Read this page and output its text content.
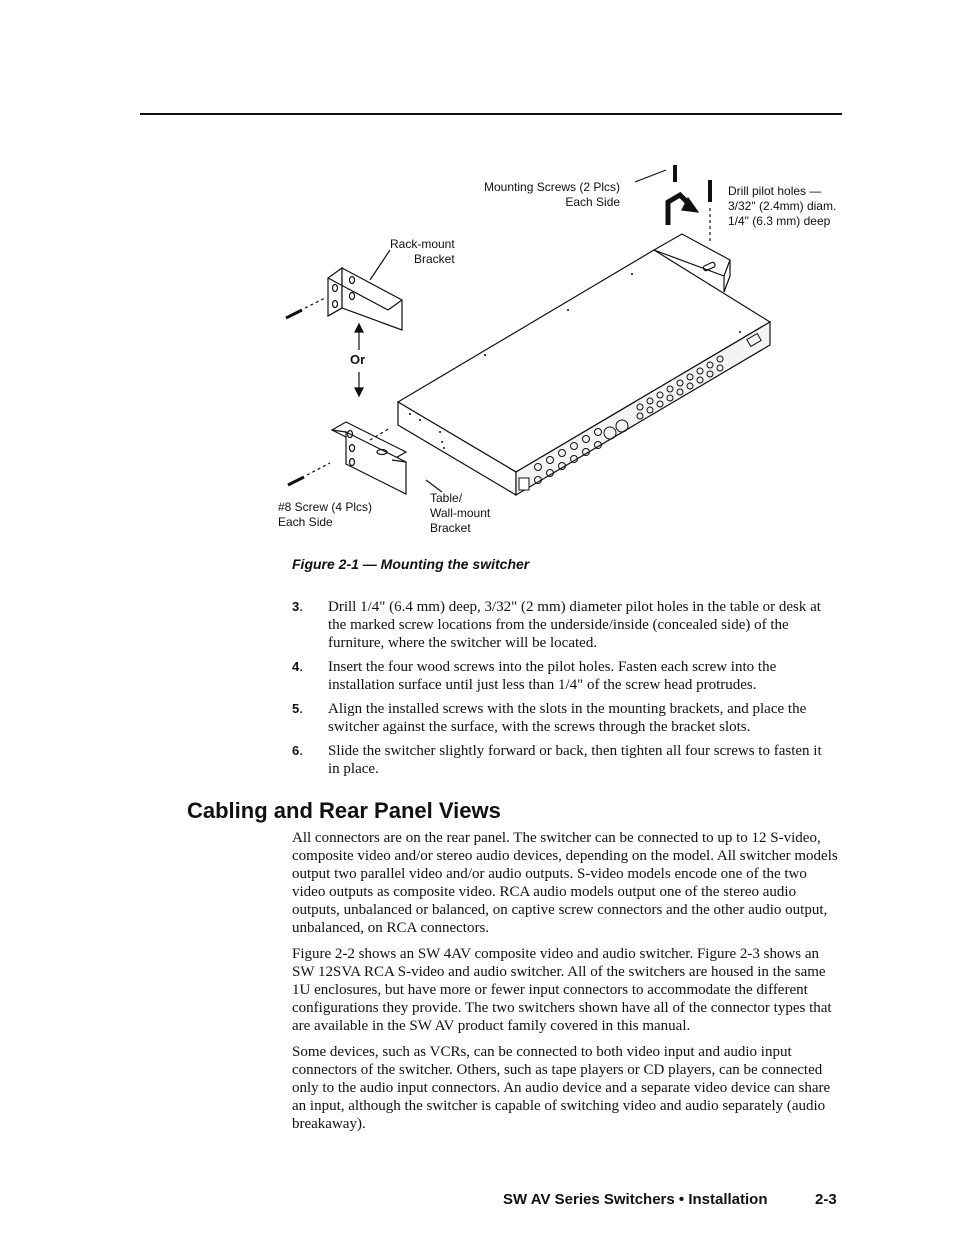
Mounting Screws (2 Plcs)
Each Side
Drill pilot holes —
3/32" (2.4mm) diam.
1/4" (6.3 mm) deep
Rack-mount
Bracket
Or
#8 Screw (4 Plcs)
Each Side
Table/
Wall-mount
Bracket
Figure 2-1 — Mounting the switcher
3.	Drill 1/4" (6.4 mm) deep, 3/32" (2 mm) diameter pilot holes in the table or desk at the marked screw locations from the underside/inside (concealed side) of the furniture, where the switcher will be located.
4.	Insert the four wood screws into the pilot holes. Fasten each screw into the installation surface until just less than 1/4" of the screw head protrudes.
5.	Align the installed screws with the slots in the mounting brackets, and place the switcher against the surface, with the screws through the bracket slots.
6.	Slide the switcher slightly forward or back, then tighten all four screws to fasten it in place.
Cabling and Rear Panel Views

All connectors are on the rear panel. The switcher can be connected to up to 12 S-video, composite video and/or stereo audio devices, depending on the model. All switcher models output two parallel video and/or audio outputs. S-video models encode one of the two video outputs as composite video. RCA audio models output one of the stereo audio outputs, unbalanced or balanced, on captive screw connectors and the other audio output, unbalanced, on RCA connectors.

Figure 2-2 shows an SW 4AV composite video and audio switcher. Figure 2-3 shows an SW 12SVA RCA S-video and audio switcher. All of the switchers are housed in the same 1U enclosures, but have more or fewer input connectors to accommodate the different configurations they provide. The two switchers shown have all of the connector types that are available in the SW AV product family covered in this manual.

Some devices, such as VCRs, can be connected to both video input and audio input connectors of the switcher. Others, such as tape players or CD players, can be connected only to the audio input connectors. An audio device and a separate video device can share an input, although the switcher is capable of switching video and audio separately (audio breakaway).

SW AV Series Switchers • Installation	2-3
